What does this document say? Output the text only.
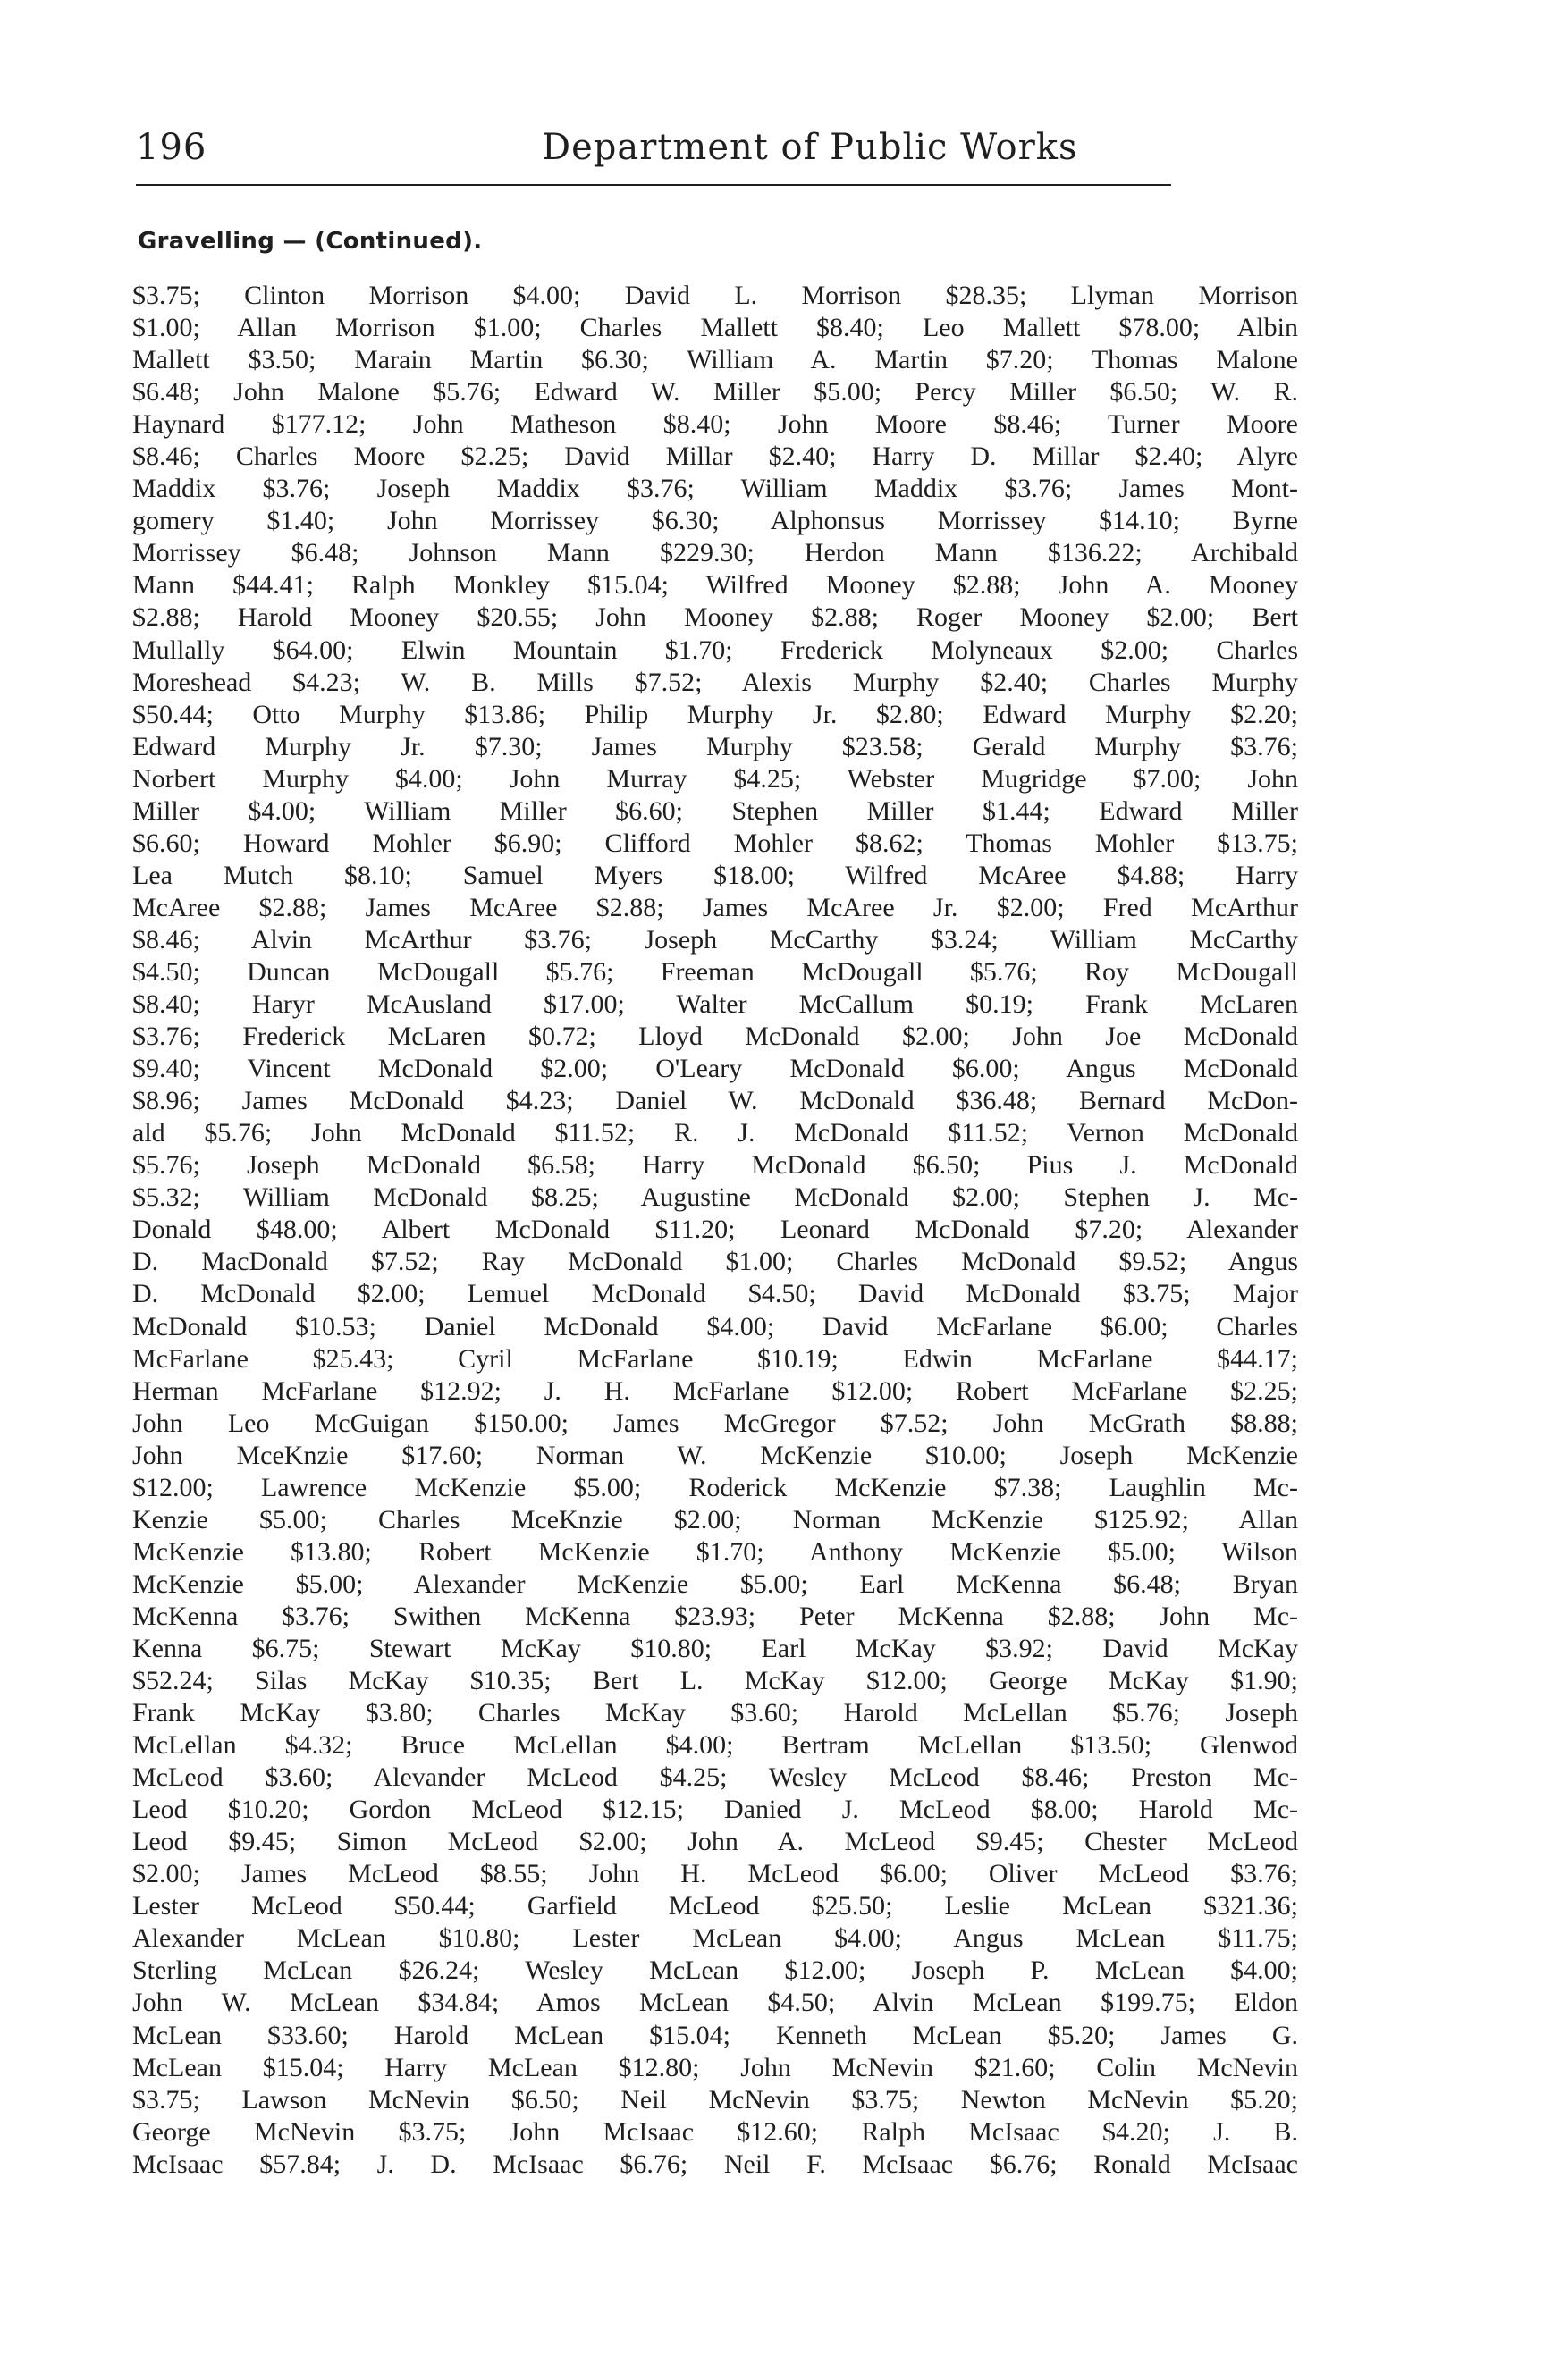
196	Department of Public Works
Gravelling — (Continued).
$3.75; Clinton Morrison $4.00; David L. Morrison $28.35; Llyman Morrison
$1.00; Allan Morrison $1.00; Charles Mallett $8.40; Leo Mallett $78.00; Albin
Mallett $3.50; Marain Martin $6.30; William A. Martin $7.20; Thomas Malone
$6.48; John Malone $5.76; Edward W. Miller $5.00; Percy Miller $6.50; W. R.
Haynard $177.12; John Matheson $8.40; John Moore $8.46; Turner Moore
$8.46; Charles Moore $2.25; David Millar $2.40; Harry D. Millar $2.40; Alyre
Maddix $3.76; Joseph Maddix $3.76; William Maddix $3.76; James Mont-
gomery $1.40; John Morrissey $6.30; Alphonsus Morrissey $14.10; Byrne
Morrissey $6.48; Johnson Mann $229.30; Herdon Mann $136.22; Archibald
Mann $44.41; Ralph Monkley $15.04; Wilfred Mooney $2.88; John A. Mooney
$2.88; Harold Mooney $20.55; John Mooney $2.88; Roger Mooney $2.00; Bert
Mullally $64.00; Elwin Mountain $1.70; Frederick Molyneaux $2.00; Charles
Moreshead $4.23; W. B. Mills $7.52; Alexis Murphy $2.40; Charles Murphy
$50.44; Otto Murphy $13.86; Philip Murphy Jr. $2.80; Edward Murphy $2.20;
Edward Murphy Jr. $7.30; James Murphy $23.58; Gerald Murphy $3.76;
Norbert Murphy $4.00; John Murray $4.25; Webster Mugridge $7.00; John
Miller $4.00; William Miller $6.60; Stephen Miller $1.44; Edward Miller
$6.60; Howard Mohler $6.90; Clifford Mohler $8.62; Thomas Mohler $13.75;
Lea Mutch $8.10; Samuel Myers $18.00; Wilfred McAree $4.88; Harry
McAree $2.88; James McAree $2.88; James McAree Jr. $2.00; Fred McArthur
$8.46; Alvin McArthur $3.76; Joseph McCarthy $3.24; William McCarthy
$4.50; Duncan McDougall $5.76; Freeman McDougall $5.76; Roy McDougall
$8.40; Haryr McAusland $17.00; Walter McCallum $0.19; Frank McLaren
$3.76; Frederick McLaren $0.72; Lloyd McDonald $2.00; John Joe McDonald
$9.40; Vincent McDonald $2.00; O'Leary McDonald $6.00; Angus McDonald
$8.96; James McDonald $4.23; Daniel W. McDonald $36.48; Bernard McDon-
ald $5.76; John McDonald $11.52; R. J. McDonald $11.52; Vernon McDonald
$5.76; Joseph McDonald $6.58; Harry McDonald $6.50; Pius J. McDonald
$5.32; William McDonald $8.25; Augustine McDonald $2.00; Stephen J. Mc-
Donald $48.00; Albert McDonald $11.20; Leonard McDonald $7.20; Alexander
D. MacDonald $7.52; Ray McDonald $1.00; Charles McDonald $9.52; Angus
D. McDonald $2.00; Lemuel McDonald $4.50; David McDonald $3.75; Major
McDonald $10.53; Daniel McDonald $4.00; David McFarlane $6.00; Charles
McFarlane $25.43; Cyril McFarlane $10.19; Edwin McFarlane $44.17;
Herman McFarlane $12.92; J. H. McFarlane $12.00; Robert McFarlane $2.25;
John Leo McGuigan $150.00; James McGregor $7.52; John McGrath $8.88;
John MceKnzie $17.60; Norman W. McKenzie $10.00; Joseph McKenzie
$12.00; Lawrence McKenzie $5.00; Roderick McKenzie $7.38; Laughlin Mc-
Kenzie $5.00; Charles MceKnzie $2.00; Norman McKenzie $125.92; Allan
McKenzie $13.80; Robert McKenzie $1.70; Anthony McKenzie $5.00; Wilson
McKenzie $5.00; Alexander McKenzie $5.00; Earl McKenna $6.48; Bryan
McKenna $3.76; Swithen McKenna $23.93; Peter McKenna $2.88; John Mc-
Kenna $6.75; Stewart McKay $10.80; Earl McKay $3.92; David McKay
$52.24; Silas McKay $10.35; Bert L. McKay $12.00; George McKay $1.90;
Frank McKay $3.80; Charles McKay $3.60; Harold McLellan $5.76; Joseph
McLellan $4.32; Bruce McLellan $4.00; Bertram McLellan $13.50; Glenwod
McLeod $3.60; Alevander McLeod $4.25; Wesley McLeod $8.46; Preston Mc-
Leod $10.20; Gordon McLeod $12.15; Danied J. McLeod $8.00; Harold Mc-
Leod $9.45; Simon McLeod $2.00; John A. McLeod $9.45; Chester McLeod
$2.00; James McLeod $8.55; John H. McLeod $6.00; Oliver McLeod $3.76;
Lester McLeod $50.44; Garfield McLeod $25.50; Leslie McLean $321.36;
Alexander McLean $10.80; Lester McLean $4.00; Angus McLean $11.75;
Sterling McLean $26.24; Wesley McLean $12.00; Joseph P. McLean $4.00;
John W. McLean $34.84; Amos McLean $4.50; Alvin McLean $199.75; Eldon
McLean $33.60; Harold McLean $15.04; Kenneth McLean $5.20; James G.
McLean $15.04; Harry McLean $12.80; John McNevin $21.60; Colin McNevin
$3.75; Lawson McNevin $6.50; Neil McNevin $3.75; Newton McNevin $5.20;
George McNevin $3.75; John McIsaac $12.60; Ralph McIsaac $4.20; J. B.
McIsaac $57.84; J. D. McIsaac $6.76; Neil F. McIsaac $6.76; Ronald McIsaac
